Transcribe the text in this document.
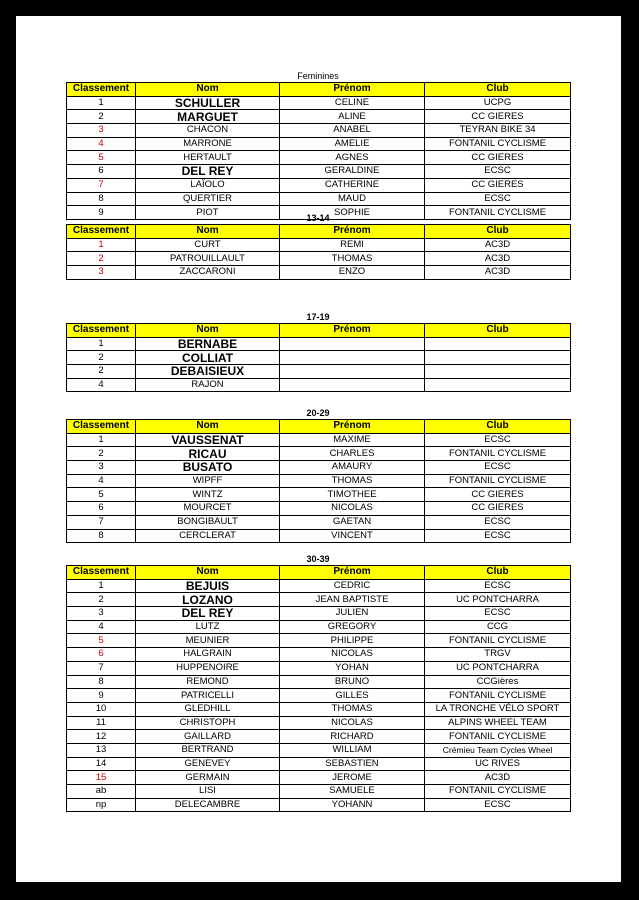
Feminines
Classement	Nom	Prénom	Club
1	SCHULLER	CELINE	UCPG
2	MARGUET	ALINE	CC GIERES
3	CHACON	ANABEL	TEYRAN BIKE 34
4	MARRONE	AMELIE	FONTANIL CYCLISME
5	HERTAULT	AGNES	CC GIERES
6	DEL REY	GERALDINE	ECSC
7	LAÏOLO	CATHERINE	CC GIERES
8	QUERTIER	MAUD	ECSC
9	PIOT	SOPHIE	FONTANIL CYCLISME
13-14
Classement	Nom	Prénom	Club
1	CURT	REMI	AC3D
2	PATROUILLAULT	THOMAS	AC3D
3	ZACCARONI	ENZO	AC3D
17-19
Classement	Nom	Prénom	Club
1	BERNABE		
2	COLLIAT		
2	DEBAISIEUX		
4	RAJON		
20-29
Classement	Nom	Prénom	Club
1	VAUSSENAT	MAXIME	ECSC
2	RICAU	CHARLES	FONTANIL CYCLISME
3	BUSATO	AMAURY	ECSC
4	WIPFF	THOMAS	FONTANIL CYCLISME
5	WINTZ	TIMOTHEE	CC GIERES
6	MOURCET	NICOLAS	CC GIERES
7	BONGIBAULT	GAETAN	ECSC
8	CERCLERAT	VINCENT	ECSC
30-39
Classement	Nom	Prénom	Club
1	BEJUIS	CEDRIC	ECSC
2	LOZANO	JEAN BAPTISTE	UC PONTCHARRA
3	DEL REY	JULIEN	ECSC
4	LUTZ	GREGORY	CCG
5	MEUNIER	PHILIPPE	FONTANIL CYCLISME
6	HALGRAIN	NICOLAS	TRGV
7	HUPPENOIRE	YOHAN	UC PONTCHARRA
8	REMOND	BRUNO	CCGières
9	PATRICELLI	GILLES	FONTANIL CYCLISME
10	GLEDHILL	THOMAS	LA TRONCHE VÉLO SPORT
11	CHRISTOPH	NICOLAS	ALPINS WHEEL TEAM
12	GAILLARD	RICHARD	FONTANIL CYCLISME
13	BERTRAND	WILLIAM	Crémieu Team Cycles Wheel
14	GENEVEY	SEBASTIEN	UC RIVES
15	GERMAIN	JEROME	AC3D
ab	LISI	SAMUELE	FONTANIL CYCLISME
np	DELECAMBRE	YOHANN	ECSC
